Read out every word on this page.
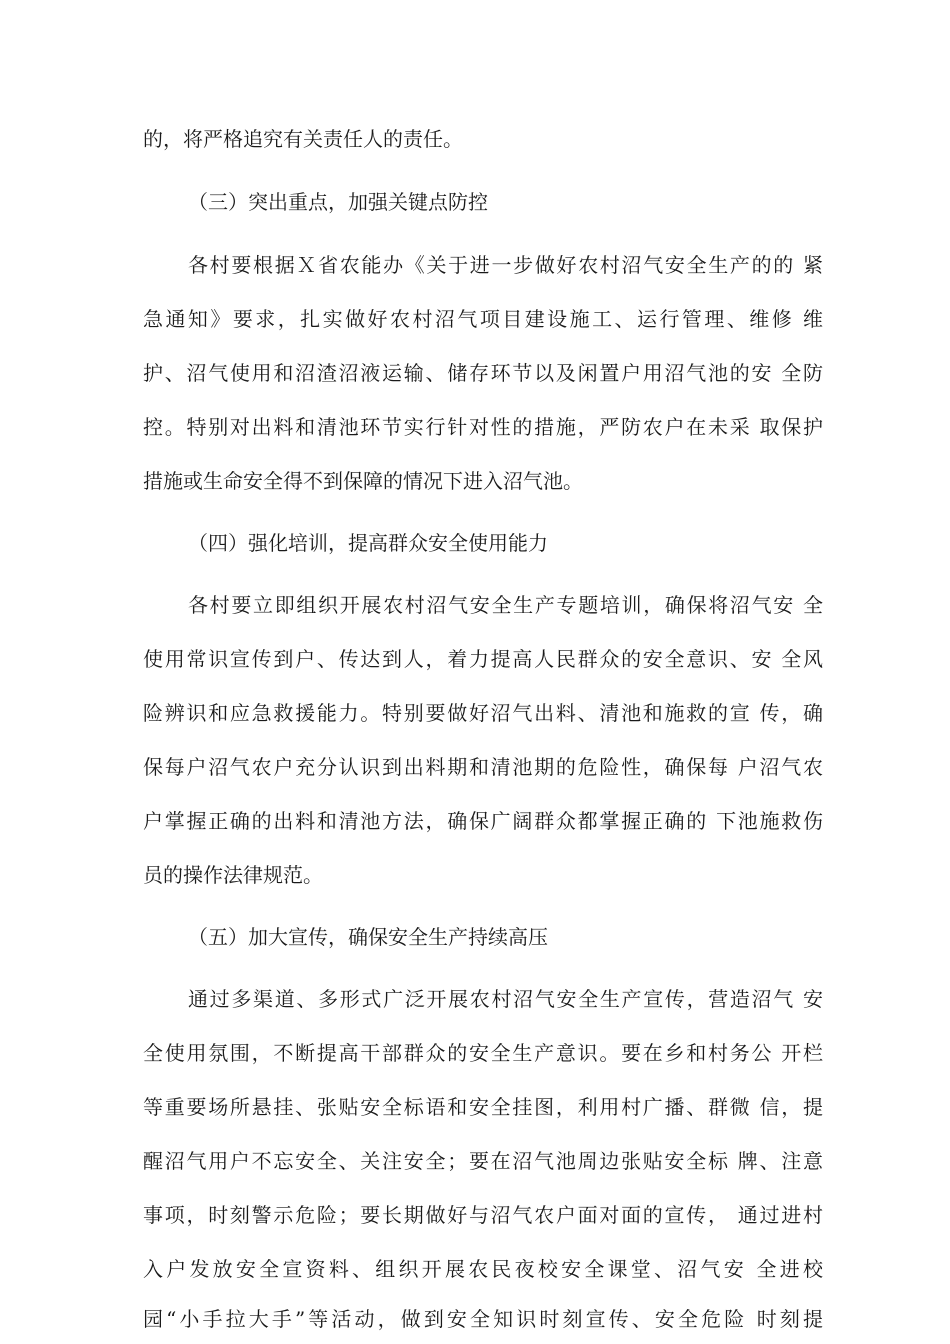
的，将严格追究有关责任人的责任。
（三）突出重点，加强关键点防控
各村要根据Ｘ省农能办《关于进一步做好农村沼气安全生产的的 紧
急通知》要求，扎实做好农村沼气项目建设施工、运行管理、维修 维
护、沼气使用和沼渣沼液运输、储存环节以及闲置户用沼气池的安 全防
控。特别对出料和清池环节实行针对性的措施，严防农户在未采 取保护
措施或生命安全得不到保障的情况下进入沼气池。
（四）强化培训，提高群众安全使用能力
各村要立即组织开展农村沼气安全生产专题培训，确保将沼气安 全
使用常识宣传到户、传达到人，着力提高人民群众的安全意识、安 全风
险辨识和应急救援能力。特别要做好沼气出料、清池和施救的宣 传，确
保每户沼气农户充分认识到出料期和清池期的危险性，确保每 户沼气农
户掌握正确的出料和清池方法，确保广阔群众都掌握正确的 下池施救伤
员的操作法律规范。
（五）加大宣传，确保安全生产持续高压
通过多渠道、多形式广泛开展农村沼气安全生产宣传，营造沼气 安
全使用氛围，不断提高干部群众的安全生产意识。要在乡和村务公 开栏
等重要场所悬挂、张贴安全标语和安全挂图，利用村广播、群微 信，提
醒沼气用户不忘安全、关注安全；要在沼气池周边张贴安全标 牌、注意
事项，时刻警示危险；要长期做好与沼气农户面对面的宣传， 通过进村
入户发放安全宣资料、组织开展农民夜校安全课堂、沼气安 全进校
园“小手拉大手”等活动，做到安全知识时刻宣传、安全危险 时刻提
